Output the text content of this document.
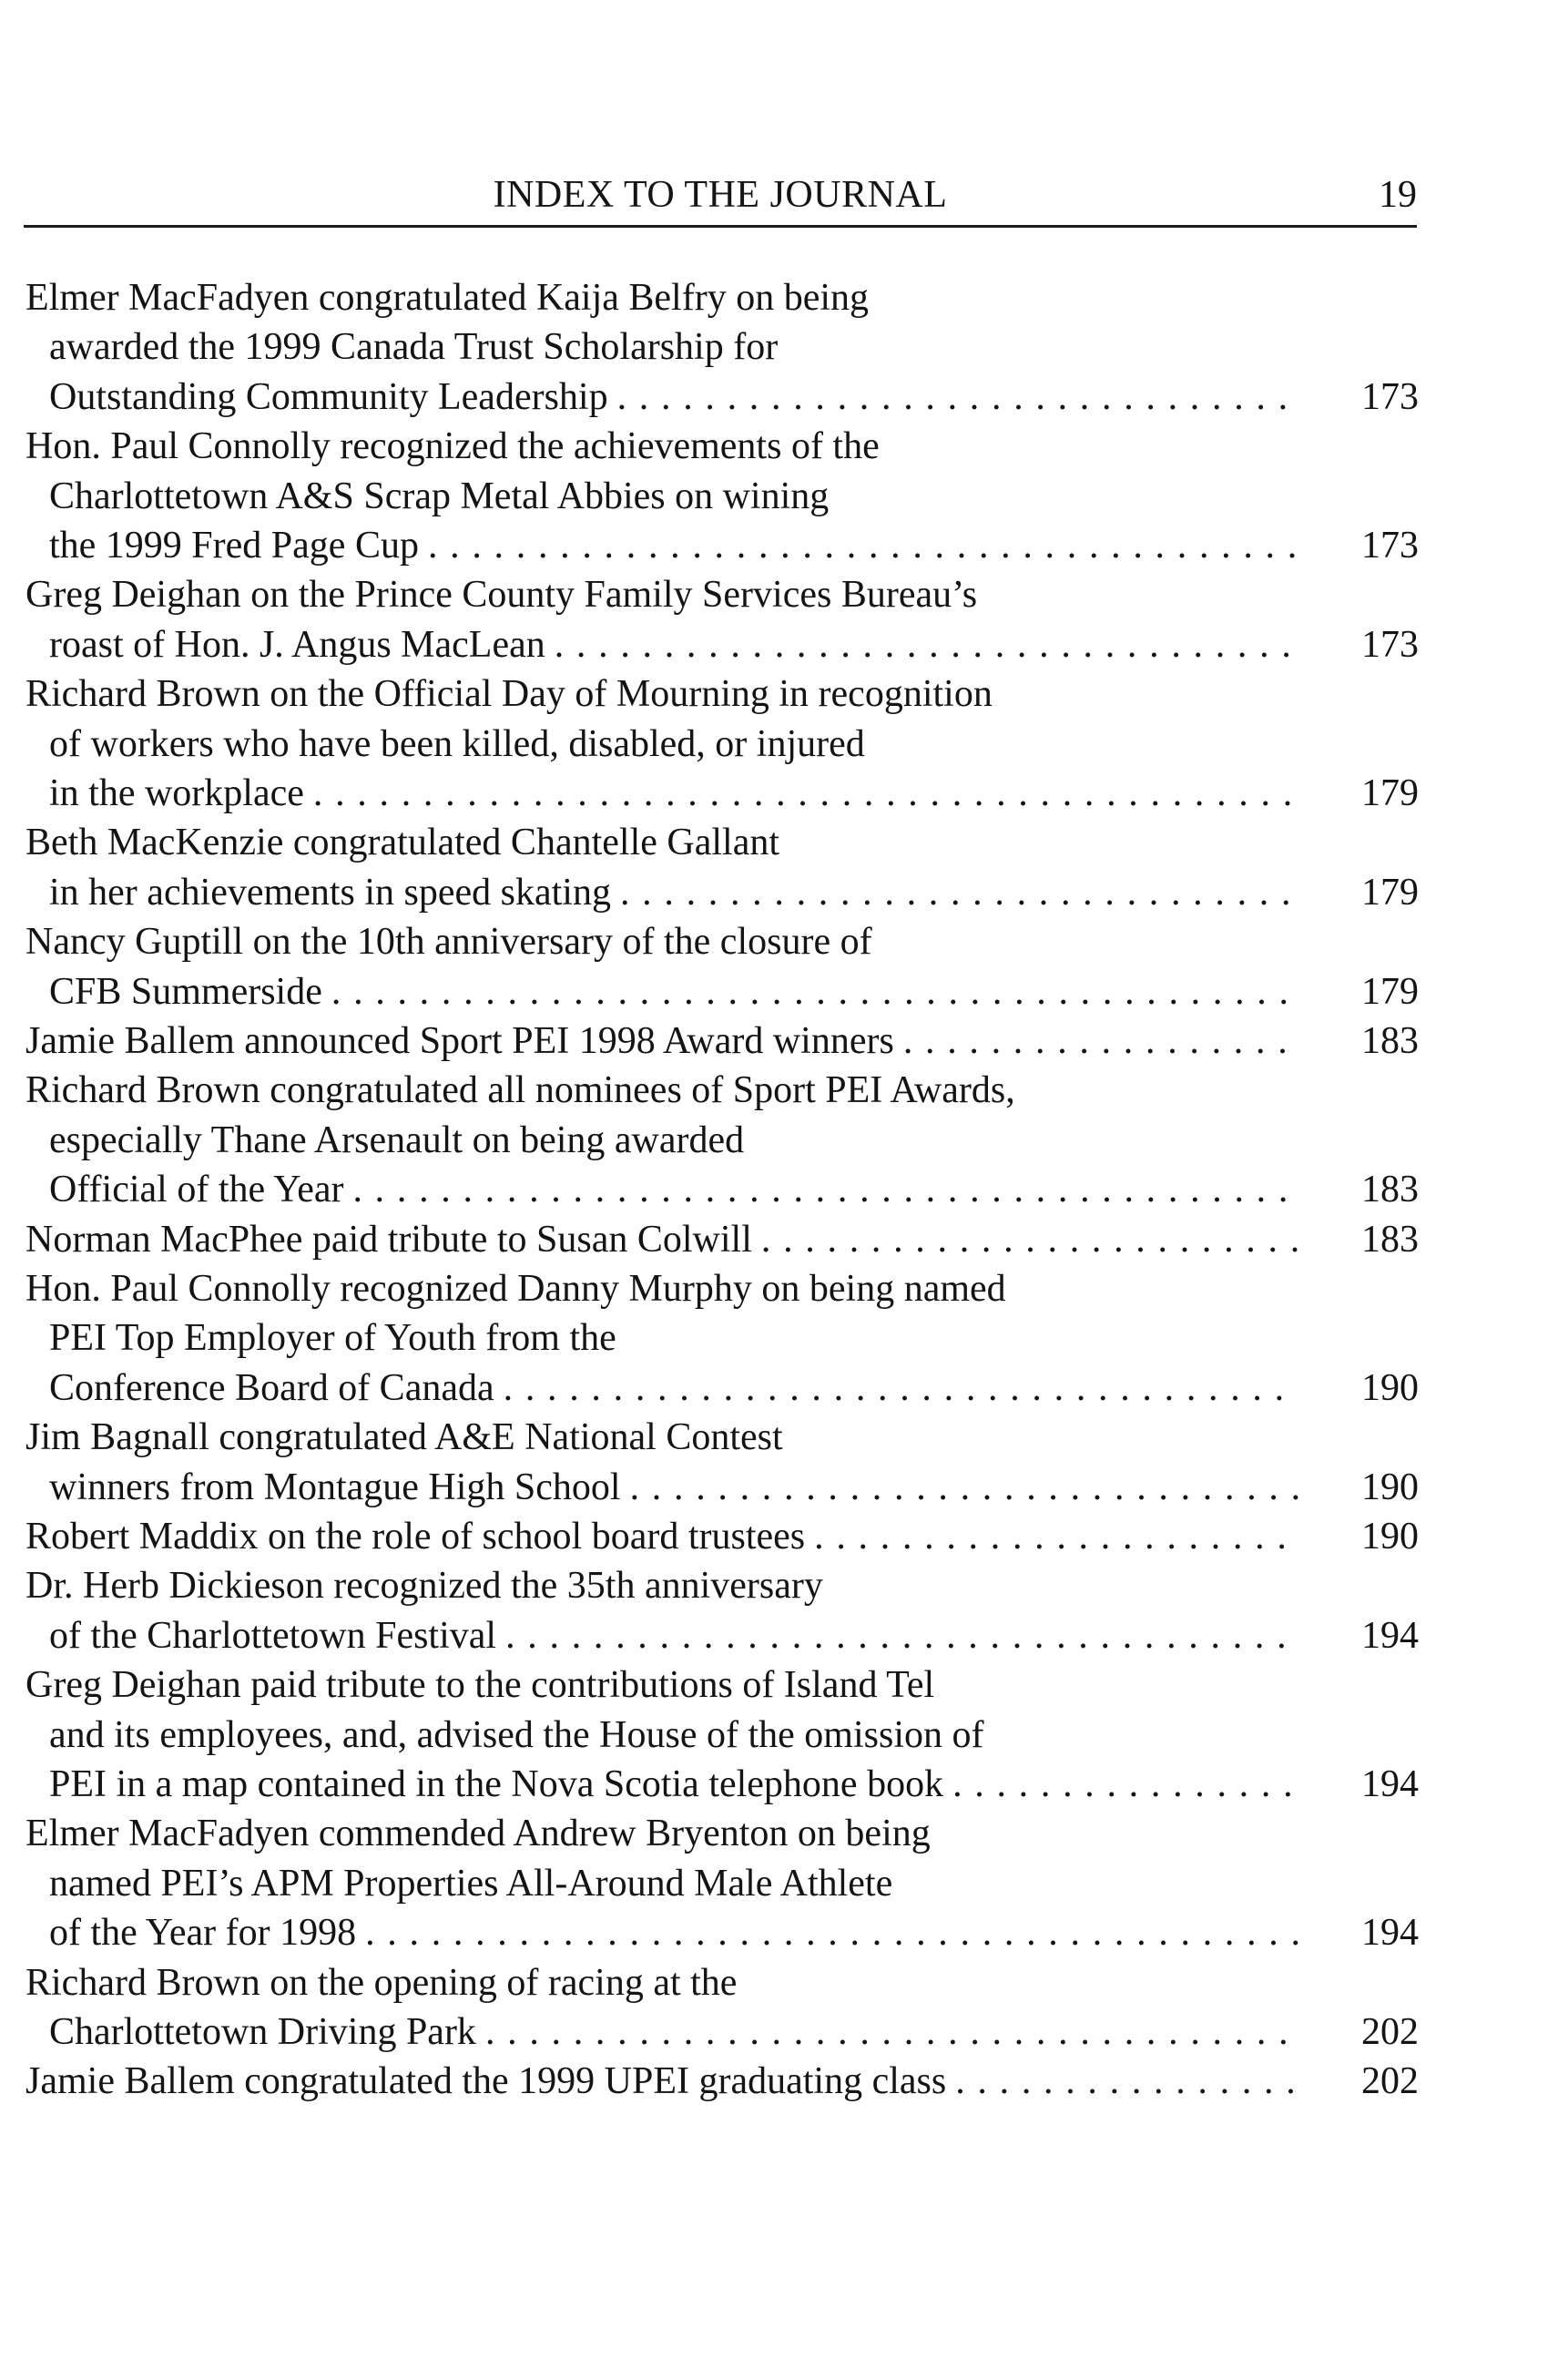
INDEX TO THE JOURNAL	19
Elmer MacFadyen congratulated Kaija Belfry on being
awarded the 1999 Canada Trust Scholarship for
Outstanding Community Leadership . . .	173
Hon. Paul Connolly recognized the achievements of the
Charlottetown A&S Scrap Metal Abbies on wining
the 1999 Fred Page Cup . . .	173
Greg Deighan on the Prince County Family Services Bureau’s
roast of Hon. J. Angus MacLean . . .	173
Richard Brown on the Official Day of Mourning in recognition
of workers who have been killed, disabled, or injured
in the workplace . . .	179
Beth MacKenzie congratulated Chantelle Gallant
in her achievements in speed skating . . .	179
Nancy Guptill on the 10th anniversary of the closure of
CFB Summerside . . .	179
Jamie Ballem announced Sport PEI 1998 Award winners . . .	183
Richard Brown congratulated all nominees of Sport PEI Awards,
especially Thane Arsenault on being awarded
Official of the Year . . .	183
Norman MacPhee paid tribute to Susan Colwill . . .	183
Hon. Paul Connolly recognized Danny Murphy on being named
PEI Top Employer of Youth from the
Conference Board of Canada . . .	190
Jim Bagnall congratulated A&E National Contest
winners from Montague High School . . .	190
Robert Maddix on the role of school board trustees . . .	190
Dr. Herb Dickieson recognized the 35th anniversary
of the Charlottetown Festival . . .	194
Greg Deighan paid tribute to the contributions of Island Tel
and its employees, and, advised the House of the omission of
PEI in a map contained in the Nova Scotia telephone book . . .	194
Elmer MacFadyen commended Andrew Bryenton on being
named PEI’s APM Properties All-Around Male Athlete
of the Year for 1998 . . .	194
Richard Brown on the opening of racing at the
Charlottetown Driving Park . . .	202
Jamie Ballem congratulated the 1999 UPEI graduating class . . .	202
